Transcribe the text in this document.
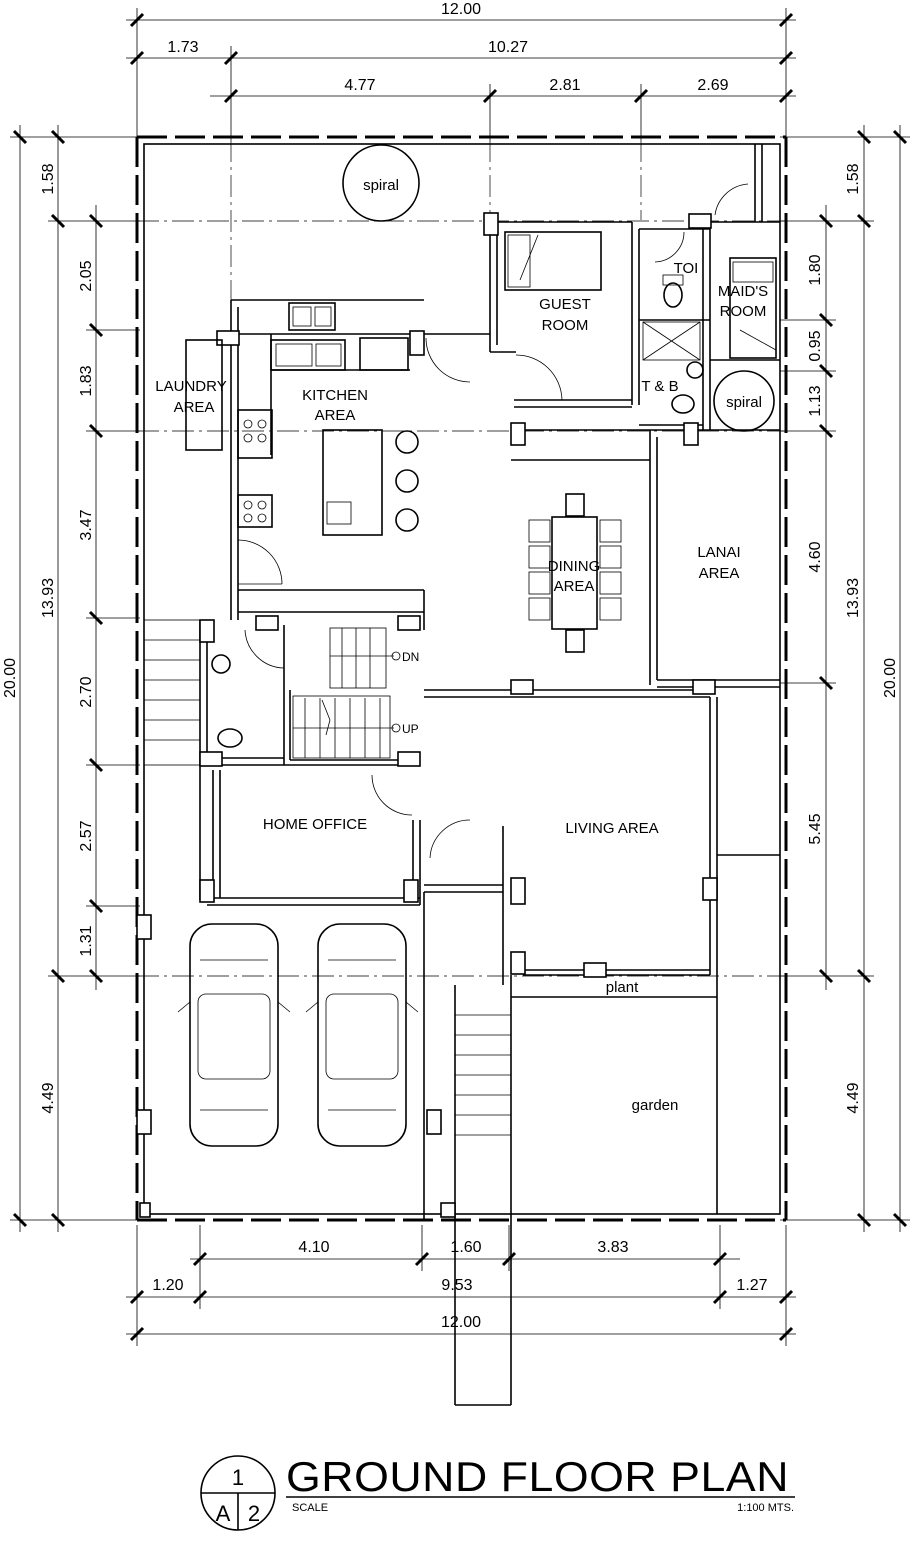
12.00
1.73	10.27
4.77	2.81	2.69
20.00
1.58
13.93
4.49
2.05
1.83
3.47
2.70
2.57
1.31
20.00
1.58
13.93
4.49
1.80
0.95
1.13
4.60
5.45
4.10	1.60	3.83
1.20	9.53	1.27
12.00
spiral
GUEST
ROOM
TOI
MAID'S
ROOM
LAUNDRY
AREA
KITCHEN
AREA
T & B
spiral
DINING
AREA
LANAI
AREA
DN
UP
HOME OFFICE	LIVING AREA
plant
garden
1
A 2
GROUND FLOOR PLAN
SCALE	1:100 MTS.
